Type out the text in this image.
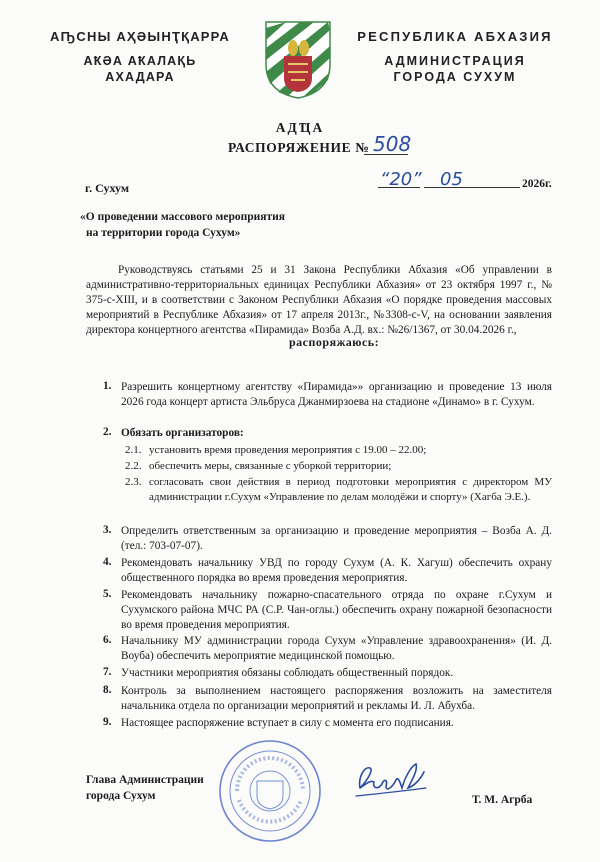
АҦСНЫ АҲӘЫНҬҚАРРА
АҞӘА АҞАЛАҚЬ
АХАДАРА
РЕСПУБЛИКА АБХАЗИЯ
АДМИНИСТРАЦИЯ
ГОРОДА СУХУМ
АДҴА
РАСПОРЯЖЕНИЕ № 508
г. Сухум	“20” 05	2026г.
«О проведении массового мероприятия
на территории города Сухум»
Руководствуясь статьями 25 и 31 Закона Республики Абхазия «Об управлении в административно-территориальных единицах Республики Абхазия» от 23 октября 1997 г., № 375-с-XIII, и в соответствии с Законом Республики Абхазия «О порядке проведения массовых мероприятий в Республике Абхазия» от 17 апреля 2013г., №3308-с-V, на основании заявления директора концертного агентства «Пирамида» Возба А.Д. вх.: №26/1367, от 30.04.2026 г.,
распоряжаюсь:
1. Разрешить концертному агентству «Пирамида»» организацию и проведение 13 июля 2026 года концерт артиста Эльбруса Джанмирзоева на стадионе «Динамо» в г. Сухум.
2. Обязать организаторов:
2.1. установить время проведения мероприятия с 19.00 – 22.00;
2.2. обеспечить меры, связанные с уборкой территории;
2.3. согласовать свои действия в период подготовки мероприятия с директором МУ администрации г.Сухум «Управление по делам молодёжи и спорту» (Хагба Э.Е.).
3. Определить ответственным за организацию и проведение мероприятия – Возба А. Д. (тел.: 703-07-07).
4. Рекомендовать начальнику УВД по городу Сухум (А. К. Хагуш) обеспечить охрану общественного порядка во время проведения мероприятия.
5. Рекомендовать начальнику пожарно-спасательного отряда по охране г.Сухум и Сухумского района МЧС РА (С.Р. Чан-оглы.) обеспечить охрану пожарной безопасности во время проведения мероприятия.
6. Начальнику МУ администрации города Сухум «Управление здравоохранения» (И. Д. Воуба) обеспечить мероприятие медицинской помощью.
7. Участники мероприятия обязаны соблюдать общественный порядок.
8. Контроль за выполнением настоящего распоряжения возложить на заместителя начальника отдела по организации мероприятий и рекламы И. Л. Абухба.
9. Настоящее распоряжение вступает в силу с момента его подписания.
Глава Администрации
города Сухум	Т. М. Агрба
